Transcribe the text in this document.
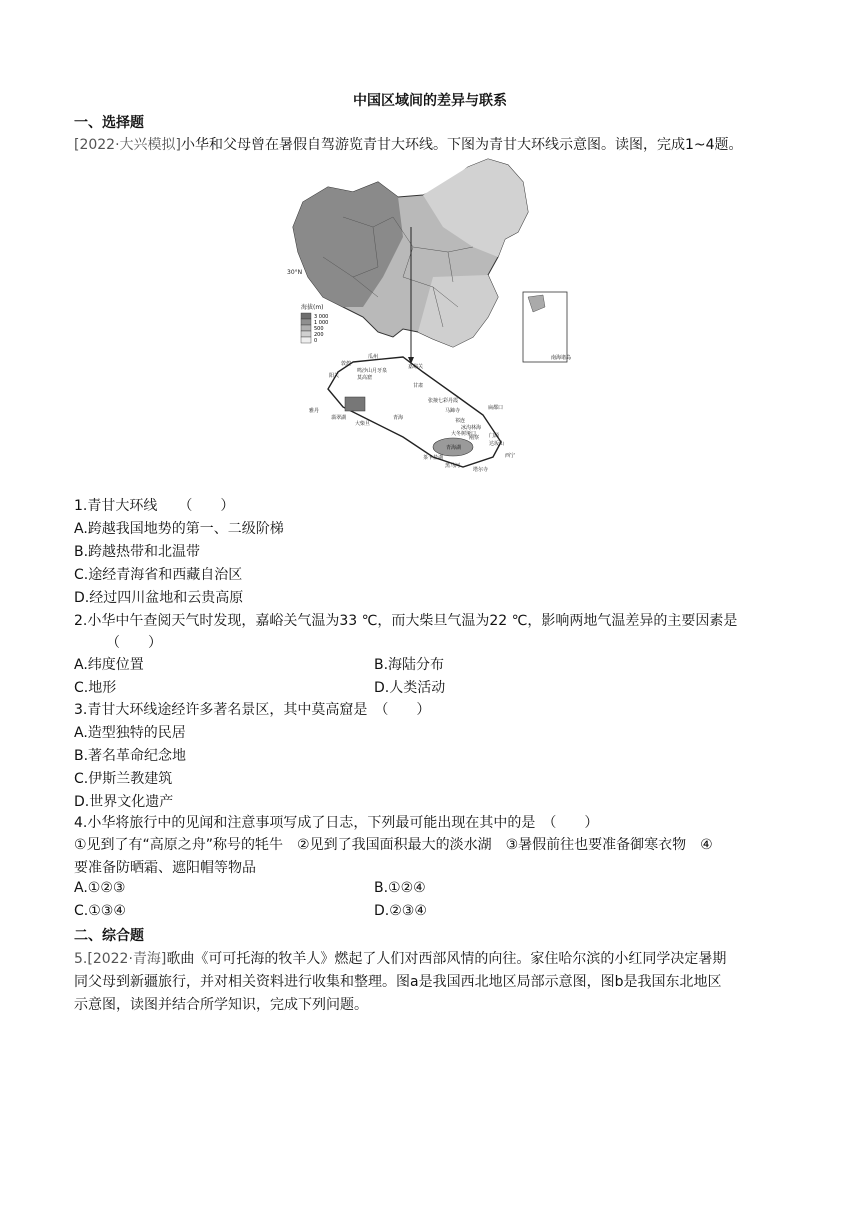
中国区域间的差异与联系
一、选择题
[2022·大兴模拟]小华和父母曾在暑假自驾游览青甘大环线。下图为青甘大环线示意图。读图，完成1~4题。
30°N
海拔(m)
3 000
1 000
500
200
0
南海诸岛
瓜州
敦煌
鸣沙山月牙泉
莫高窟
阳关
嘉峪关
张掖七彩丹霞
马蹄寺
祁连
冰沟林海
大冬树垭口	门源
达坂山
西宁
塔尔寺
黑马河
茶卡盐湖
青海湖
大柴旦
翡翠湖
雅丹
甘肃
青海
扁都口
刚察
1.青甘大环线　　（　　）
A.跨越我国地势的第一、二级阶梯
B.跨越热带和北温带
C.途经青海省和西藏自治区
D.经过四川盆地和云贵高原
2.小华中午查阅天气时发现，嘉峪关气温为33 ℃，而大柴旦气温为22 ℃，影响两地气温差异的主要因素是
（　　）
A.纬度位置	B.海陆分布
C.地形	D.人类活动
3.青甘大环线途经许多著名景区，其中莫高窟是　（　　）
A.造型独特的民居
B.著名革命纪念地
C.伊斯兰教建筑
D.世界文化遗产
4.小华将旅行中的见闻和注意事项写成了日志，下列最可能出现在其中的是　（　　）
①见到了有“高原之舟”称号的牦牛　②见到了我国面积最大的淡水湖　③暑假前往也要准备御寒衣物　④
要准备防晒霜、遮阳帽等物品
A.①②③	B.①②④
C.①③④	D.②③④
二、综合题
5.[2022·青海]歌曲《可可托海的牧羊人》燃起了人们对西部风情的向往。家住哈尔滨的小红同学决定暑期
同父母到新疆旅行，并对相关资料进行收集和整理。图a是我国西北地区局部示意图，图b是我国东北地区
示意图，读图并结合所学知识，完成下列问题。
